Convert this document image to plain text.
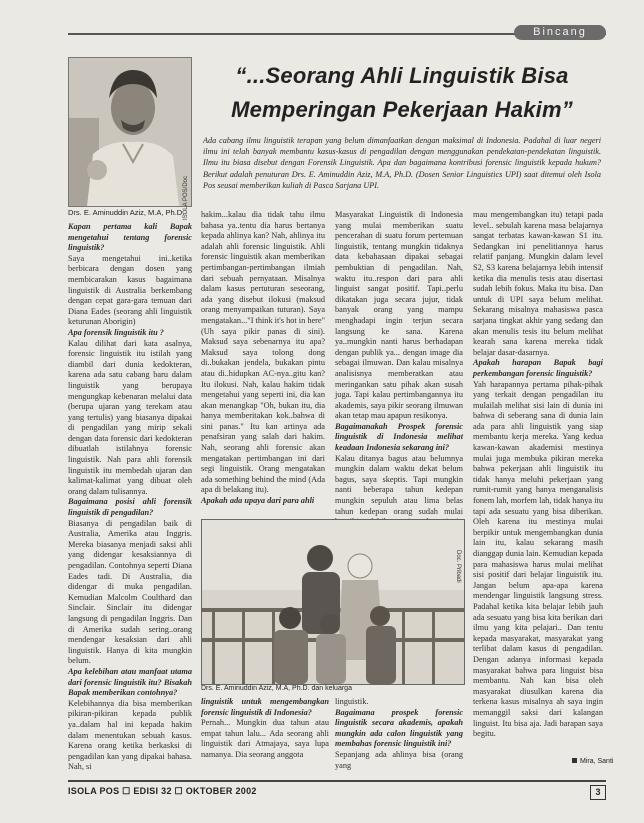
Bincang
ISOLA POS/Doc
Drs. E. Aminuddin Aziz, M.A, Ph.D.
“...Seorang Ahli Linguistik Bisa
Memperingan Pekerjaan Hakim”
Ada cabang ilmu linguistik terapan yang belum dimanfaatkan dengan maksimal di Indonesia. Padahal di luar negeri ilmu ini telah banyak membantu kasus-kasus di pengadilan dengan menggunakan pendekatan-pendekatan linguistik. Ilmu itu biasa disebut dengan Forensik Linguistik. Apa dan bagaimana kontribusi forensic linguistik kepada hukum? Berikut adalah penuturan Drs. E. Aminuddin Aziz, M.A, Ph.D. (Dosen Senior Linguistics UPI) saat ditemui oleh Isola Pos seusai memberikan kuliah di Pasca Sarjana UPI.

Kapan pertama kali Bapak mengetahui tentang forensic linguistik?

Saya mengetahui ini..ketika berbicara dengan dosen yang membicarakan kasus bagaimana linguistik di Australia berkembang dengan cepat gara-gara temuan dari Diana Eades (seorang ahli linguistik keturunan Aborigin)

Apa forensik linguistik itu ?

Kalau dilihat dari kata asalnya, forensic linguistik itu istilah yang diambil dari dunia kedokteran, karena ada satu cabang baru dalam linguistik yang berupaya mengungkap kebenaran melalui data (berupa ujaran yang terekam atau yang tertulis) yang biasanya dipakai di pengadilan yang mirip sekali dengan data forensic dari kedokteran dibuatlah istilahnya forensic linguistik. Nah para ahli forensik linguistik itu membedah ujaran dan kalimat-kalimat yang dibuat oleh orang dalam tulisannya.

Bagaimana posisi ahli forensik linguistik di pengadilan?

Biasanya di pengadilan baik di Australia, Amerika atau Inggris. Mereka biasanya menjadi saksi ahli yang didengar kesaksiannya di pengadilan. Contohnya seperti Diana Eades tadi. Di Australia, dia didengar di muka pengadilan. Kemudian Malcolm Coulthard dan Sinclair. Sinclair itu didengar langsung di pengadilan Inggris. Dan di Amerika sudah sering..orang mendengar kesaksian dari ahli linguistik. Hanya di kita mungkin belum.

Apa kelebihan atau manfaat utama dari forensic linguistik itu? Bisakah Bapak memberikan contohnya?

Kelebihannya dia bisa memberikan pikiran-pikiran kepada publik ya..dalam hal ini kepada hakim dalam menentukan sebuah kasus. Karena orang ketika berkasksi di pengadilan kan yang dipakai bahasa. Nah, si

hakim...kalau dia tidak tahu ilmu bahasa ya..tentu dia harus bertanya kepada ahlinya kan? Nah, ahlinya itu adalah ahli forensic linguistik. Ahli forensic linguistik akan memberikan pertimbangan-pertimbangan ilmiah dari sebuah pernyataan. Misalnya dalam kasus pertuturan seseorang, ada yang disebut ilokusi (maksud orang menyampaikan tuturan). Saya mengatakan..."I think it's hot in here" (Uh saya pikir panas di sini). Maksud saya sebenarnya itu apa? Maksud saya tolong dong di..bukakan jendela, bukakan pintu atau di..hidupkan AC-nya..gitu kan? Itu ilokusi. Nah, kalau hakim tidak mengetahui yang seperti ini, dia kan akan menangkap "Oh, bukan itu, dia hanya memberitakan kok..bahwa di sini panas." Itu kan artinya ada penafsiran yang salah dari hakim. Nah, seorang ahli forensic akan mengatakan pertimbangan ini dari segi linguistik. Orang mengatakan ada something behind the mind (Ada apa di belakang itu).

Apakah ada upaya dari para ahli

Masyarakat Linguistik di Indonesia yang mulai memberikan suatu pencerahan di suatu forum pertemuan linguistik, tentang mungkin tidaknya data kebahasaan dipakai sebagai pembuktian di pengadilan. Nah, waktu itu..respon dari para ahli linguist sangat positif. Tapi..perlu dikatakan juga secara jujur, tidak banyak orang yang mampu menghadapi ingin terjun secara langsung ke sana. Karena ya..mungkin nanti harus berhadapan dengan publik ya... dengan image dia sebagai ilmuwan. Dan kalau misalnya analisisnya memberatkan atau meringankan satu pihak akan susah juga. Tapi kalau pertimbangannya itu akademis, saya pikir seorang ilmuwan akan tetap mau apapun resikonya.

Bagaimanakah Prospek forensic linguistik di Indonesia melihat keadaan Indonesia sekarang ini?

Kalau ditanya bagus atau belumnya mungkin dalam waktu dekat belum bagus, saya skeptis. Tapi mungkin nanti beberapa tahun kedepan mungkin sepuluh atau lima belas tahun kedepan orang sudah mulai

mau mengembangkan itu) tetapi pada level.. sebulah karena masa belajarnya sangat terbatas kawan-kawan S1 itu. Sedangkan ini penelitiannya harus relatif panjang. Mungkin dalam level S2, S3 karena belajarnya lebih intensif ketika dia menulis tesis atau disertasi sudah lebih fokus. Maka itu bisa. Dan untuk di UPI saya belum melihat. Sekarang misalnya mahasiswa pasca sarjana tingkat akhir yang sedang dan akan menulis tesis itu belum melihat kearah sana karena mereka tidak belajar dasar-dasarnya.

Apakah harapan Bapak bagi perkembangan forensic linguistik?

Yah harapannya pertama pihak-pihak yang terkait dengan pengadilan itu mulailah melihat sisi lain di dunia ini bahwa di seberang sana di dunia lain ada para ahli linguistik yang siap membantu kerja mereka. Yang kedua kawan-kawan akademisi mestinya mulai juga membuka pikiran mereka bahwa pekerjaan ahli linguistik itu tidak hanya meluhi pekerjaan yang rumit-rumit yang hanya menganalisis fonem lah, morfem lah, tidak hanya itu tapi ada sesuatu yang bisa diberikan. Oleh karena itu mestinya mulai berpikir untuk mengembangkan dunia lain itu, kalau sekarang masih dianggap dunia lain. Kemudian kepada para mahasiswa harus mulai melihat sisi positif dari belajar linguistik itu. Jangan belum apa-apa karena mendengar linguistik langsung stress. Padahal ketika kita belajar lebih jauh ada sesuatu yang bisa kita berikan dari ilmu yang kita pelajari.. Dan tentu kepada masyarakat, masyarakat yang terlibat dalam kasus di pengadilan. Dengan adanya informasi kepada masyarakat bahwa para linguist bisa membantu. Nah kan bisa oleh masyarakat diusulkan karena dia terkena kasus misalnya ah saya ingin memanggil saksi dari kalangan linguist. Itu bisa aja. Jadi harapan saya begitu.

Doc. Pribadi
Drs. E. Aminuddin Aziz, M.A, Ph.D. dan keluarga

linguistik untuk mengembangkan forensic linguistik di Indonesia?

Pernah... Mungkin dua tahun atau empat tahun lalu... Ada seorang ahli linguistik dari Atmajaya, saya lupa namanya. Dia seorang anggota

linguistik.

Bagaimana prospek forensic linguistik secara akademis, apakah mungkin ada calon linguistik yang membahas forensic linguistik ini?

Sepanjang ada ahlinya bisa (orang yang	Mira, Santi
ISOLA POS ☐ EDISI 32 ☐ OKTOBER 2002	3
